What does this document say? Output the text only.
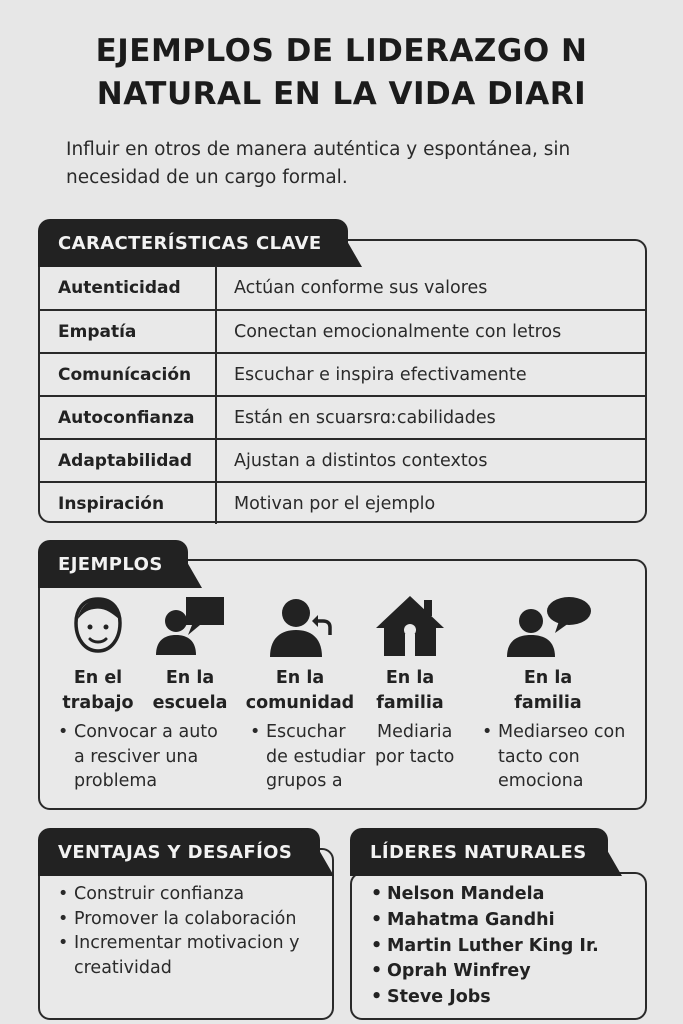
EJEMPLOS DE LIDERAZGO N
NATURAL EN LA VIDA DIARI
Influir en otros de manera auténtica y espontánea, sin necesidad de un cargo formal.
CARACTERÍSTICAS CLAVE
Autenticidad	Actúan conforme sus valores
Empatía	Conectan emocionalmente con letros
Comunícación	Escuchar e inspira efectivamente
Autoconfianza	Están en scuarsrɑːcabilidades
Adaptabilidad	Ajustan a distintos contextos
Inspiración	Motivan por el ejemplo
EJEMPLOS
En el
trabajo
En la
escuela
En la
comunidad
En la
familia
En la
familia
• Convocar a auto
a resciver una
problema
• Escuchar
de estudiar
grupos a
Mediaria
por tacto
• Mediarseo con
tacto con
emociona
VENTAJAS Y DESAFÍOS
• Construir confianza
• Promover la colaboración
• Incrementar motivacion y creatividad
LÍDERES NATURALES
• Nelson Mandela
• Mahatma Gandhi
• Martin Luther King Ir.
• Oprah Winfrey
• Steve Jobs
